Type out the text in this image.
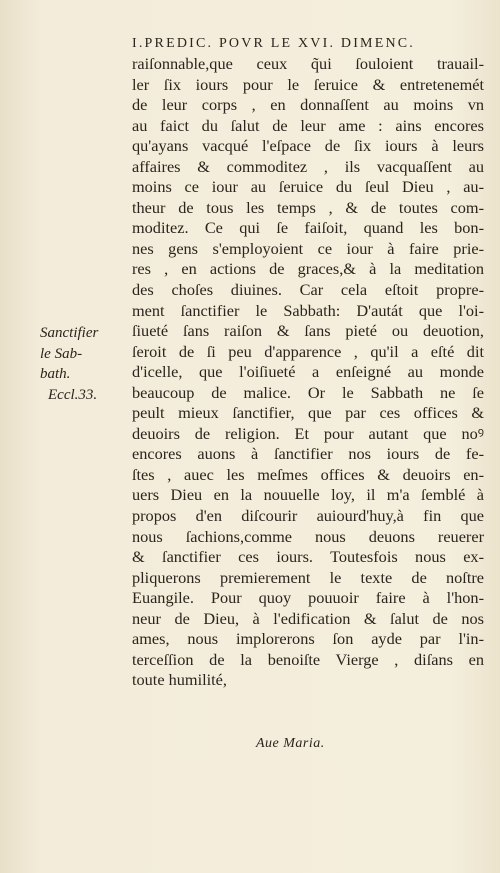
I.PREDIC. POVR LE XVI. DIMENC.
raiſonnable,que ceux q̃ui ſouloient trauail-
ler ſix iours pour le ſeruice & entretenemét
de leur corps , en donnaſſent au moins vn
au faict du ſalut de leur ame : ains encores
qu'ayans vacqué l'eſpace de ſix iours à leurs
affaires & commoditez , ils vacquaſſent au
moins ce iour au ſeruice du ſeul Dieu , au-
theur de tous les temps , & de toutes com-
moditez. Ce qui ſe faiſoit, quand les bon-
nes gens s'employoient ce iour à faire prie-
res , en actions de graces,& à la meditation
des choſes diuines. Car cela eſtoit propre-
ment ſanctifier le Sabbath: D'autát que l'oi-
ſiueté ſans raiſon & ſans pieté ou deuotion,
ſeroit de ſi peu d'apparence , qu'il a eſté dit
d'icelle, que l'oiſiueté a enſeigné au monde
beaucoup de malice. Or le Sabbath ne ſe
peult mieux ſanctifier, que par ces offices &
deuoirs de religion. Et pour autant que noꝰ
encores auons à ſanctifier nos iours de fe-
ſtes , auec les meſmes offices & deuoirs en-
uers Dieu en la nouuelle loy, il m'a ſemblé à
propos d'en diſcourir auiourd'huy,à fin que
nous ſachions,comme nous deuons reuerer
& ſanctifier ces iours. Toutesfois nous ex-
pliquerons premierement le texte de noſtre
Euangile. Pour quoy pouuoir faire à l'hon-
neur de Dieu, à l'edification & ſalut de nos
ames, nous implorerons ſon ayde par l'in-
terceſſion de la benoiſte Vierge , diſans en
toute humilité,
Sanctifier
le Sab-
bath.
Eccl.33.
Aue Maria.
